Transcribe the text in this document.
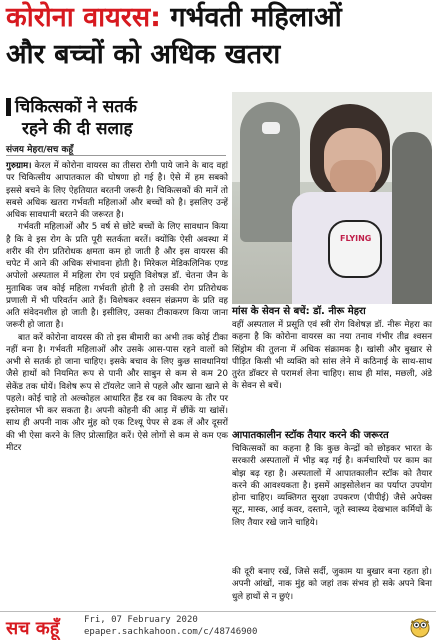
कोरोना वायरस: गर्भवती महिलाओं
और बच्चों को अधिक खतरा
चिकित्सकों ने सतर्क
रहने की दी सलाह
संजय मेहरा/सच कहूँ

गुरुग्राम। केरल में कोरोना वायरस का तीसरा रोगी पाये जाने के बाद वहां पर चिकित्सीय आपातकाल की घोषणा हो गई है। ऐसे में हम सबको इससे बचने के लिए ऐहतियात बरतनी जरूरी है। चिकित्सकों की मानें तो सबसे अधिक खतरा गर्भवती महिलाओं और बच्चों को है। इसलिए उन्हें अधिक सावधानी बरतने की जरूरत है।

गर्भवती महिलाओं और 5 वर्ष से छोटे बच्चों के लिए सावधान किया है कि वे इस रोग के प्रति पूरी सतर्कता बरतें। क्योंकि ऐसी अवस्था में शरीर की रोग प्रतिरोधक क्षमता कम हो जाती है और इस वायरस की चपेट में आने की अधिक संभावना होती है। मिरेकल मेडिकलिनिक एण्ड अपोलो अस्पताल में महिला रोग एवं प्रसूति विशेषज्ञ डॉ. चेतना जैन के मुताबिक जब कोई महिला गर्भवती होती है तो उसकी रोग प्रतिरोधक प्रणाली में भी परिवर्तन आते हैं। विशेषकर श्वसन संक्रमण के प्रति वह अति संवेदनशील हो जाती है। इसीलिए, उसका टीकाकरण किया जाना जरूरी हो जाता है।

बात करें कोरोना वायरस की तो इस बीमारी का अभी तक कोई टीका नहीं बना है। गर्भवती महिलाओं और उसके आस-पास रहने वालों को अभी से सतर्क हो जाना चाहिए। इसके बचाव के लिए कुछ सावधानियां जैसे हाथों को नियमित रूप से पानी और साबुन से कम से कम 20 सेकेंड तक धोयें। विशेष रूप से टॉयलेट जाने से पहले और खाना खाने से पहले। कोई चाहे तो अल्कोहल आधारित हैंड रब का विकल्प के तौर पर इस्तेमाल भी कर सकता है। अपनी कोहनी की आड़ में छींकें या खांसें। साथ ही अपनी नाक और मुंह को एक टिश्यू पेपर से ढक लें और दूसरों की भी ऐसा करने के लिए प्रोत्साहित करें। ऐसे लोगों से कम से कम एक मीटर

FLYING
मांस के सेवन से बचें: डॉ. नीरू मेहरा
वहीं अस्पताल में प्रसूति एवं स्त्री रोग विशेषज्ञ डॉ. नीरू मेहरा का कहना है कि कोरोना वायरस का नया तनाव गंभीर तीव्र श्वसन सिंड्रोम की तुलना में अधिक संक्रामक है। खांसी और बुखार से पीड़ित किसी भी व्यक्ति को सांस लेने में कठिनाई के साथ-साथ तुरंत डॉक्टर से परामर्श लेना चाहिए। साथ ही मांस, मछली, अंडे के सेवन से बचें।
आपातकालीन स्टॉक तैयार करने की जरूरत
चिकित्सकों का कहना है कि कुछ केन्द्रों को छोड़कर भारत के सरकारी अस्पतालों में भीड़ बढ़ गई है। कर्मचारियों पर काम का बोझ बढ़ रहा है। अस्पतालों में आपातकालीन स्टॉक को तैयार करने की आवश्यकता है। इसमें आइसोलेशन का पर्याप्त उपयोग होना चाहिए। व्यक्तिगत सुरक्षा उपकरण (पीपीई) जैसे अपेक्स सूट, मास्क, आई कवर, दस्ताने, जूते स्वास्थ्य देखभाल कर्मियों के लिए तैयार रखे जाने चाहिये।
की दूरी बनाए रखें, जिसे सर्दी, जुकाम या बुखार बना रहता हो। अपनी आंखों, नाक मुंह को जहां तक संभव हो सके अपने बिना धुले हाथों से न छुएं।
सच कहूँ	Fri, 07 February 2020
epaper.sachkahoon.com/c/48746900
